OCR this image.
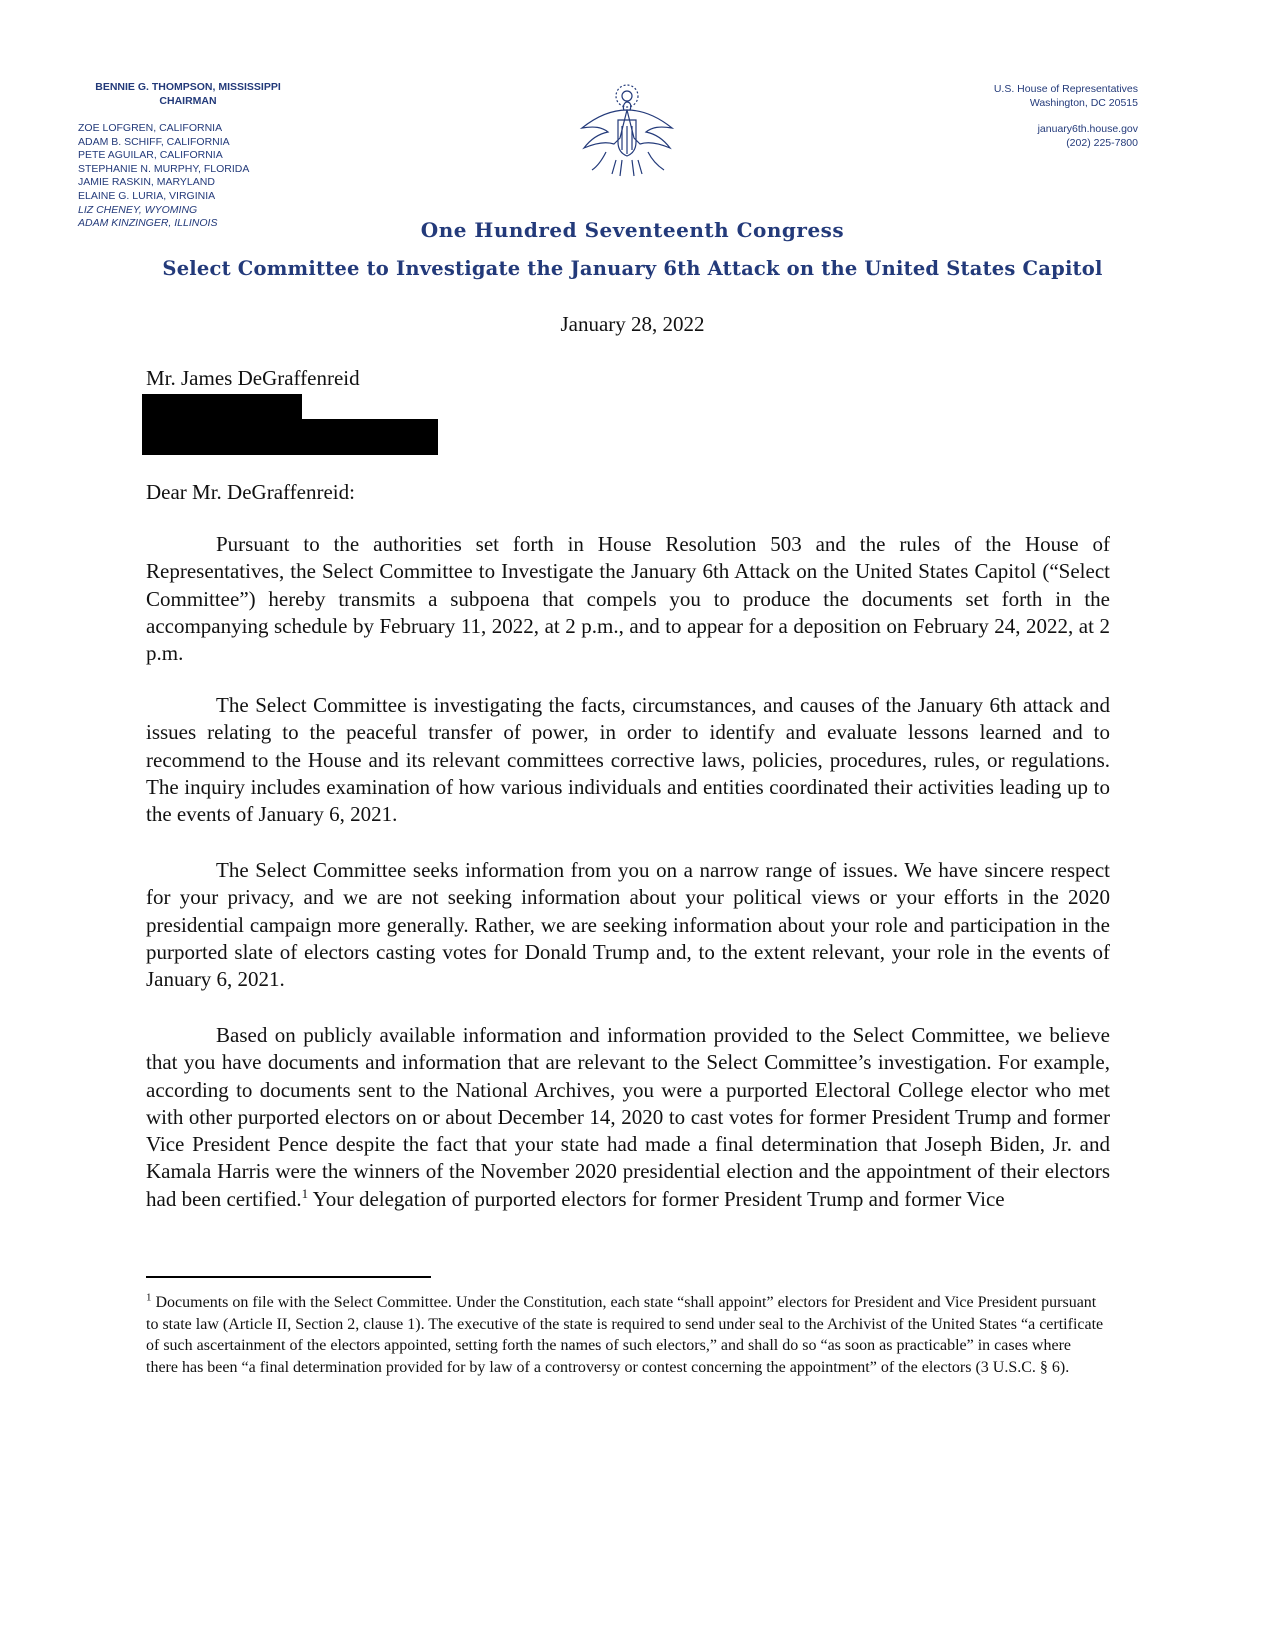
BENNIE G. THOMPSON, MISSISSIPPI
CHAIRMAN
ZOE LOFGREN, CALIFORNIA
ADAM B. SCHIFF, CALIFORNIA
PETE AGUILAR, CALIFORNIA
STEPHANIE N. MURPHY, FLORIDA
JAMIE RASKIN, MARYLAND
ELAINE G. LURIA, VIRGINIA
LIZ CHENEY, WYOMING
ADAM KINZINGER, ILLINOIS
U.S. House of Representatives
Washington, DC 20515
january6th.house.gov
(202) 225-7800
One Hundred Seventeenth Congress
Select Committee to Investigate the January 6th Attack on the United States Capitol
January 28, 2022
Mr. James DeGraffenreid
Dear Mr. DeGraffenreid:

Pursuant to the authorities set forth in House Resolution 503 and the rules of the House of Representatives, the Select Committee to Investigate the January 6th Attack on the United States Capitol (“Select Committee”) hereby transmits a subpoena that compels you to produce the documents set forth in the accompanying schedule by February 11, 2022, at 2 p.m., and to appear for a deposition on February 24, 2022, at 2 p.m.

The Select Committee is investigating the facts, circumstances, and causes of the January 6th attack and issues relating to the peaceful transfer of power, in order to identify and evaluate lessons learned and to recommend to the House and its relevant committees corrective laws, policies, procedures, rules, or regulations. The inquiry includes examination of how various individuals and entities coordinated their activities leading up to the events of January 6, 2021.

The Select Committee seeks information from you on a narrow range of issues. We have sincere respect for your privacy, and we are not seeking information about your political views or your efforts in the 2020 presidential campaign more generally. Rather, we are seeking information about your role and participation in the purported slate of electors casting votes for Donald Trump and, to the extent relevant, your role in the events of January 6, 2021.

Based on publicly available information and information provided to the Select Committee, we believe that you have documents and information that are relevant to the Select Committee’s investigation. For example, according to documents sent to the National Archives, you were a purported Electoral College elector who met with other purported electors on or about December 14, 2020 to cast votes for former President Trump and former Vice President Pence despite the fact that your state had made a final determination that Joseph Biden, Jr. and Kamala Harris were the winners of the November 2020 presidential election and the appointment of their electors had been certified.$^1$ Your delegation of purported electors for former President Trump and former Vice

$^1$ Documents on file with the Select Committee. Under the Constitution, each state “shall appoint” electors for President and Vice President pursuant to state law (Article II, Section 2, clause 1). The executive of the state is required to send under seal to the Archivist of the United States “a certificate of such ascertainment of the electors appointed, setting forth the names of such electors,” and shall do so “as soon as practicable” in cases where there has been “a final determination provided for by law of a controversy or contest concerning the appointment” of the electors (3 U.S.C. § 6).
